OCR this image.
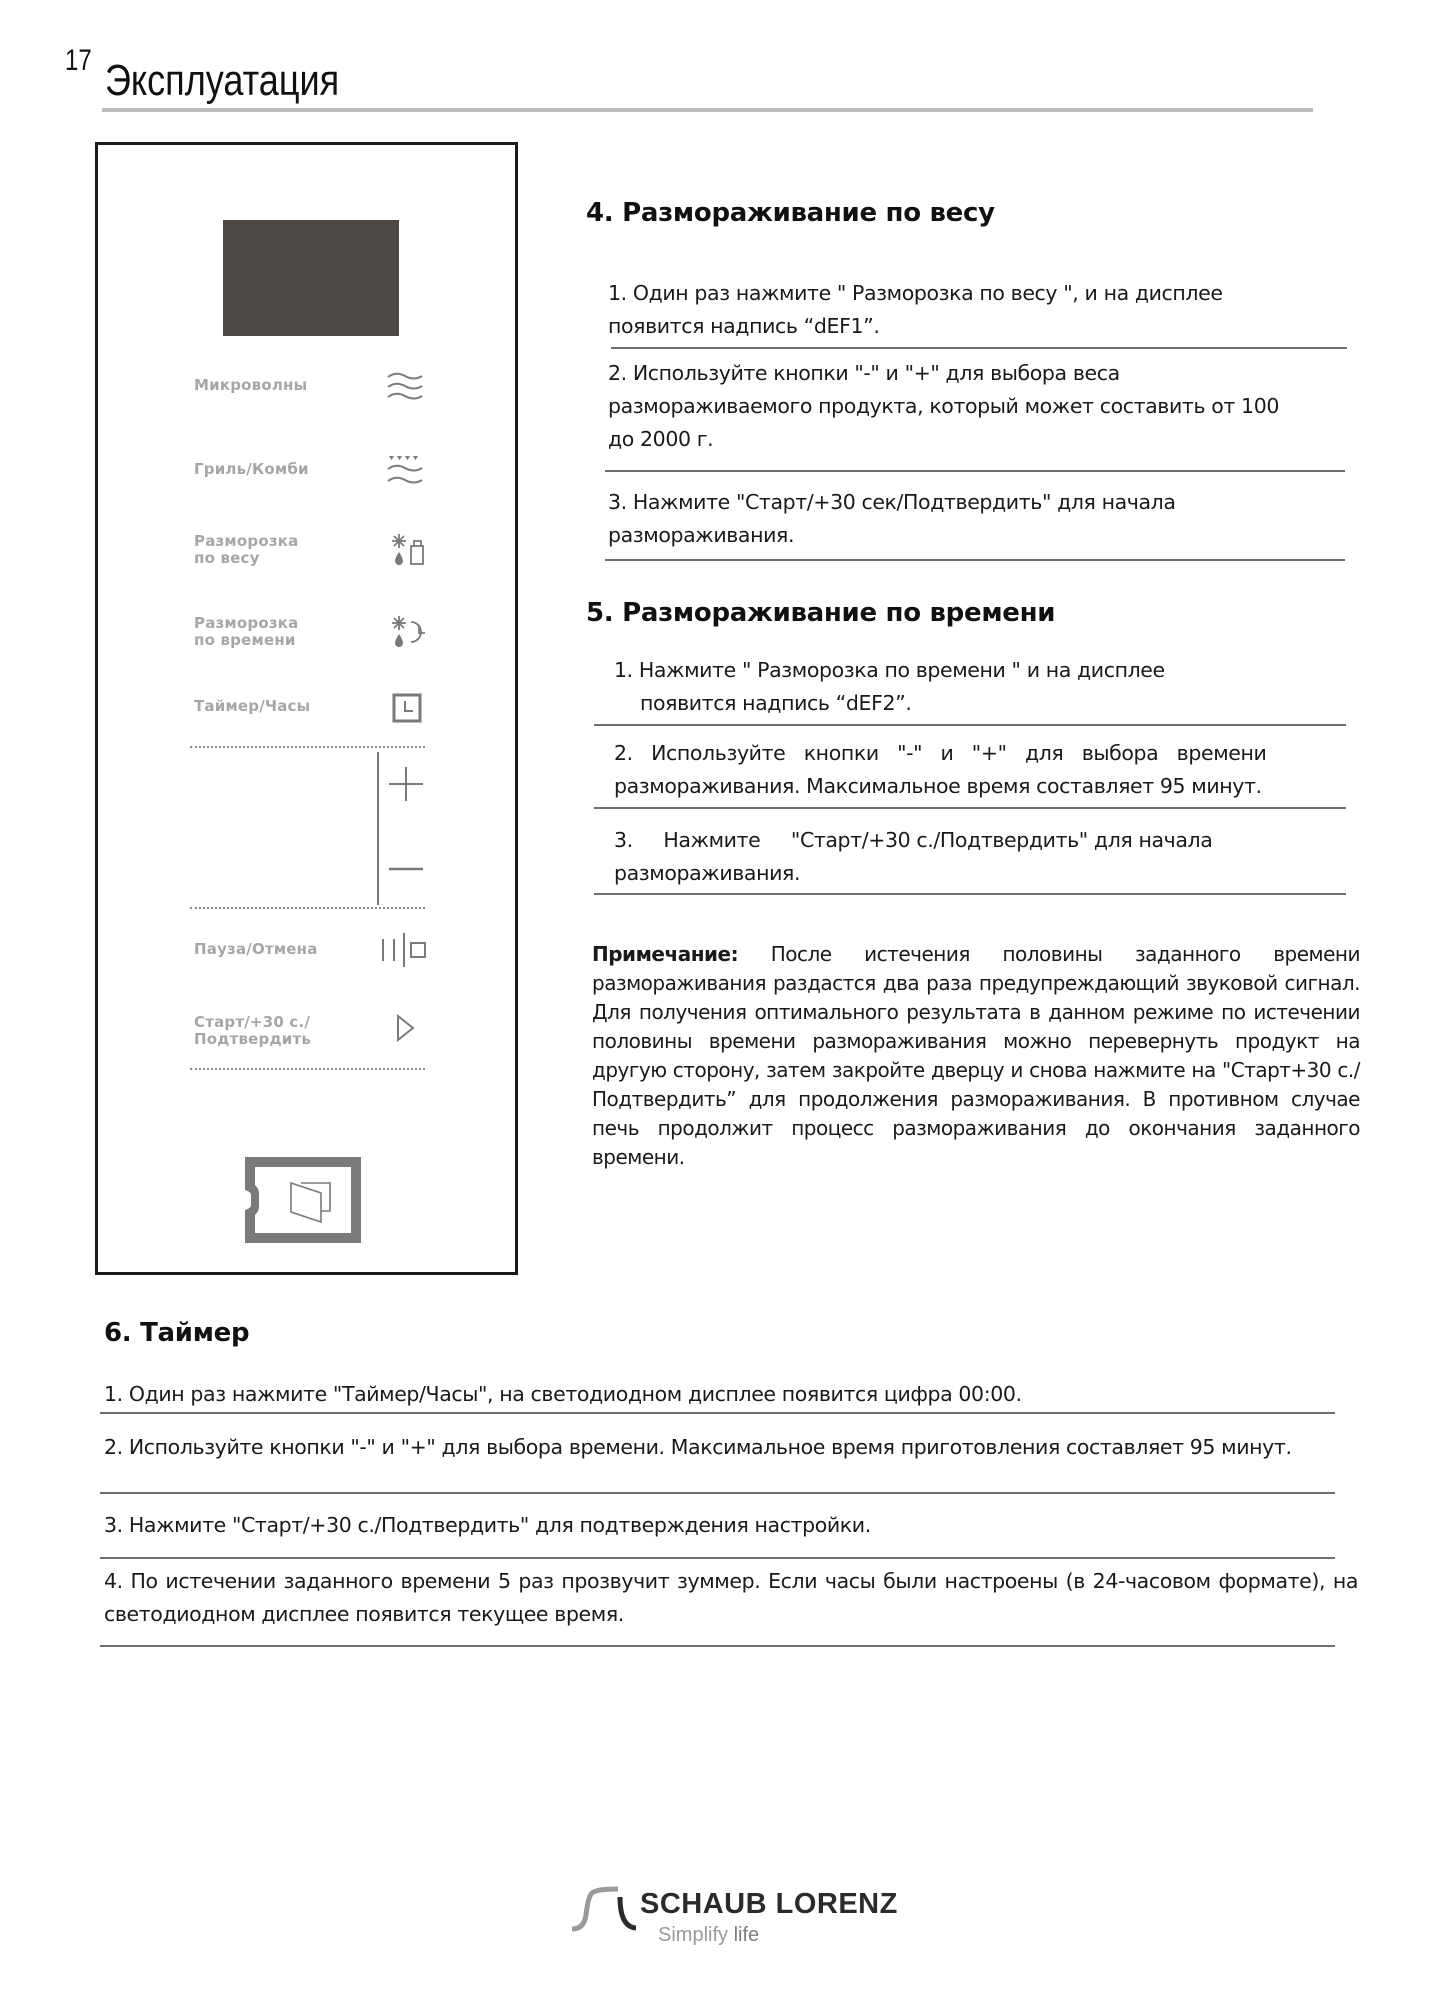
17 Эксплуатация
Микроволны
Гриль/Комби
Разморозка
по весу
Разморозка
по времени
Таймер/Часы
Пауза/Отмена
Старт/+30 с./
Подтвердить
4. Размораживание по весу
1. Один раз нажмите " Разморозка по весу ", и на дисплее
появится надпись “dEF1”.
2. Используйте кнопки "-" и "+" для выбора веса
размораживаемого продукта, который может составить от 100
до 2000 г.
3. Нажмите "Старт/+30 сек/Подтвердить" для начала
размораживания.
5. Размораживание по времени
1. Нажмите " Разморозка по времени " и на дисплее
появится надпись “dEF2”.
2.   Используйте   кнопки   "-"   и   "+"   для   выбора   времени
размораживания. Максимальное время составляет 95 минут.
3.     Нажмите     "Старт/+30 с./Подтвердить" для начала
размораживания.
Примечание: После истечения половины заданного времени размораживания раздастся два раза предупреждающий звуковой сигнал. Для получения оптимального результата в данном режиме по истечении половины времени размораживания можно перевернуть продукт на другую сторону, затем закройте дверцу и снова нажмите на "Старт+30 с./Подтвердить” для продолжения размораживания. В противном случае печь продолжит процесс размораживания до окончания заданного времени.
6. Таймер
1. Один раз нажмите "Таймер/Часы", на светодиодном дисплее появится цифра 00:00.
2. Используйте кнопки "-" и "+" для выбора времени. Максимальное время приготовления составляет 95 минут.
3. Нажмите "Старт/+30 с./Подтвердить" для подтверждения настройки.
4. По истечении заданного времени 5 раз прозвучит зуммер. Если часы были настроены (в 24-часовом формате), на светодиодном дисплее появится текущее время.
SCHAUB LORENZ
Simplify life
